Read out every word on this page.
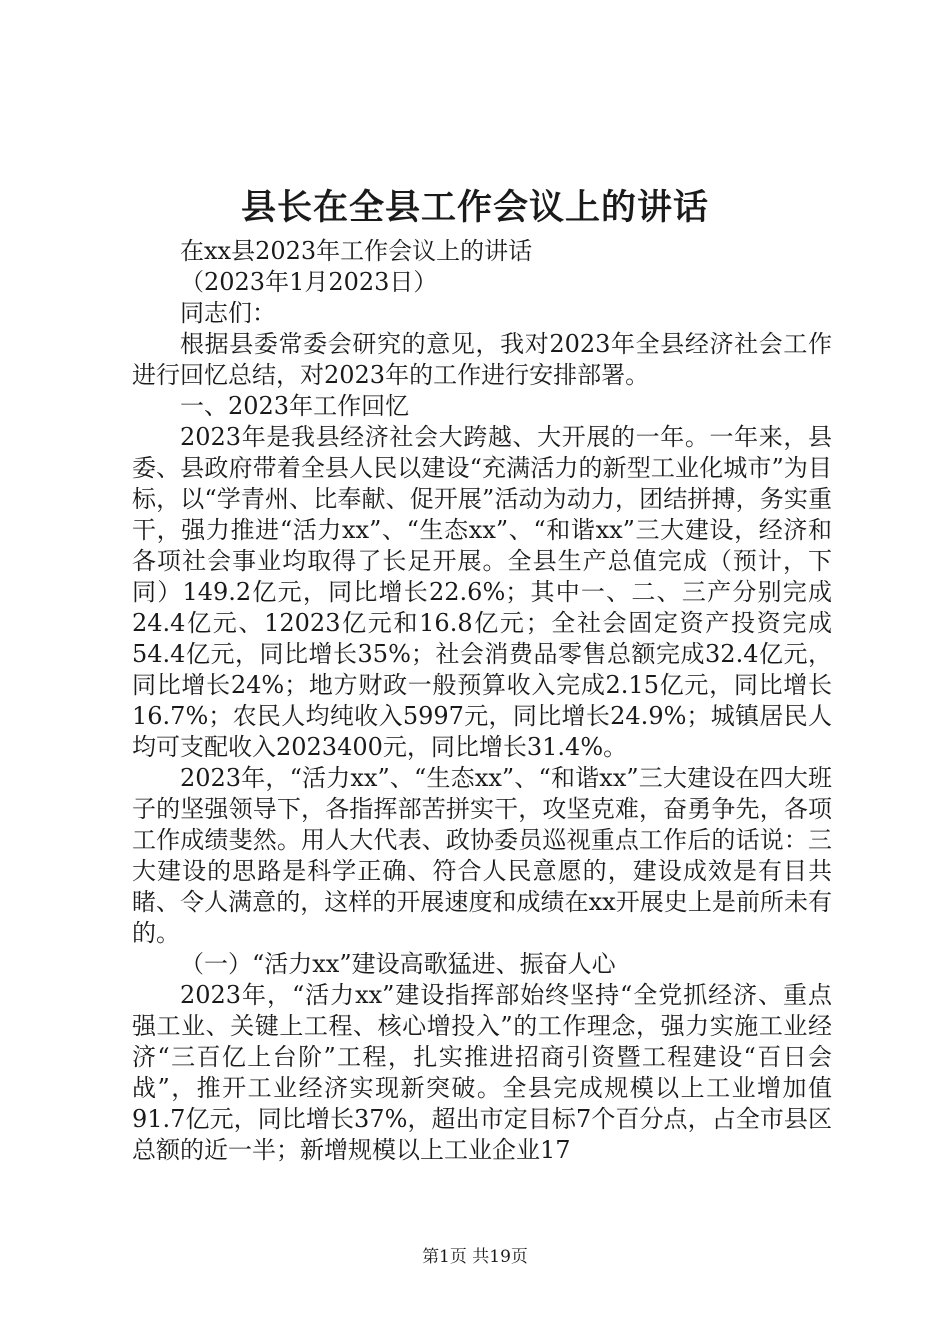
县长在全县工作会议上的讲话

在xx县2023年工作会议上的讲话

（2023年1月2023日）

同志们：

根据县委常委会研究的意见，我对2023年全县经济社会工作进行回忆总结，对2023年的工作进行安排部署。

一、2023年工作回忆

2023年是我县经济社会大跨越、大开展的一年。一年来，县委、县政府带着全县人民以建设“充满活力的新型工业化城市”为目标，以“学青州、比奉献、促开展”活动为动力，团结拼搏，务实重干，强力推进“活力xx”、“生态xx”、“和谐xx”三大建设，经济和各项社会事业均取得了长足开展。全县生产总值完成（预计，下同）149.2亿元，同比增长22.6%；其中一、二、三产分别完成24.4亿元、12023亿元和16.8亿元；全社会固定资产投资完成54.4亿元，同比增长35%；社会消费品零售总额完成32.4亿元，同比增长24%；地方财政一般预算收入完成2.15亿元，同比增长16.7%；农民人均纯收入5997元，同比增长24.9%；城镇居民人均可支配收入2023400元，同比增长31.4%。

2023年，“活力xx”、“生态xx”、“和谐xx”三大建设在四大班子的坚强领导下，各指挥部苦拼实干，攻坚克难，奋勇争先，各项工作成绩斐然。用人大代表、政协委员巡视重点工作后的话说：三大建设的思路是科学正确、符合人民意愿的，建设成效是有目共睹、令人满意的，这样的开展速度和成绩在xx开展史上是前所未有的。

（一）“活力xx”建设高歌猛进、振奋人心

2023年，“活力xx”建设指挥部始终坚持“全党抓经济、重点强工业、关键上工程、核心增投入”的工作理念，强力实施工业经济“三百亿上台阶”工程，扎实推进招商引资暨工程建设“百日会战”，推开工业经济实现新突破。全县完成规模以上工业增加值91.7亿元，同比增长37%，超出市定目标7个百分点，占全市县区总额的近一半；新增规模以上工业企业17

第1页 共19页
